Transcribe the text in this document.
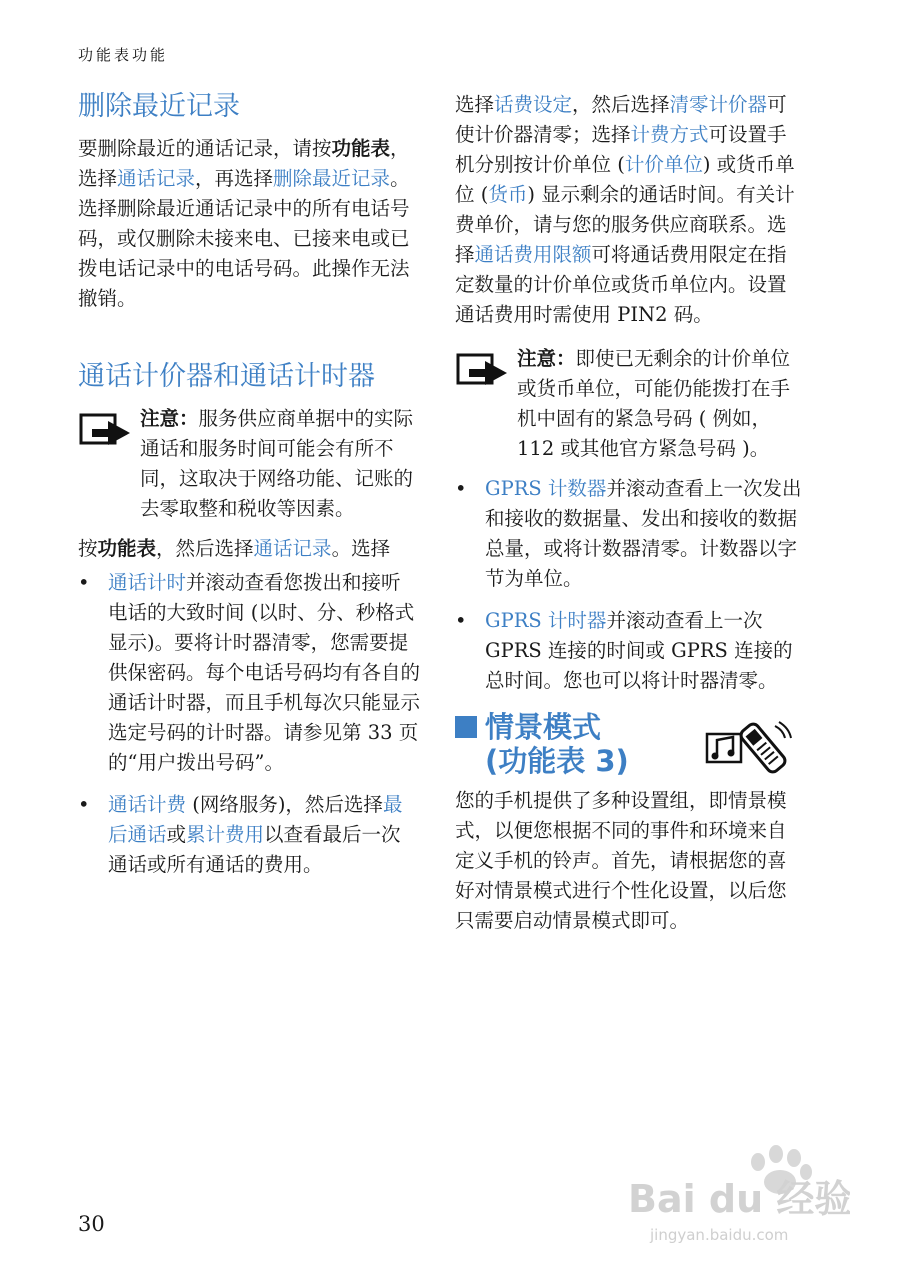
功能表功能
删除最近记录

要删除最近的通话记录，请按功能表，选择通话记录，再选择删除最近记录。选择删除最近通话记录中的所有电话号码，或仅删除未接来电、已接来电或已拨电话记录中的电话号码。此操作无法撤销。

通话计价器和通话计时器

注意：服务供应商单据中的实际通话和服务时间可能会有所不同，这取决于网络功能、记账的去零取整和税收等因素。

按功能表，然后选择通话记录。选择

• 通话计时并滚动查看您拨出和接听电话的大致时间 (以时、分、秒格式显示)。要将计时器清零，您需要提供保密码。每个电话号码均有各自的通话计时器，而且手机每次只能显示选定号码的计时器。请参见第 33 页的“用户拨出号码”。
• 通话计费 (网络服务)，然后选择最后通话或累计费用以查看最后一次通话或所有通话的费用。

选择话费设定，然后选择清零计价器可使计价器清零；选择计费方式可设置手机分别按计价单位 (计价单位) 或货币单位 (货币) 显示剩余的通话时间。有关计费单价，请与您的服务供应商联系。选择通话费用限额可将通话费用限定在指定数量的计价单位或货币单位内。设置通话费用时需使用 PIN2 码。

注意：即使已无剩余的计价单位或货币单位，可能仍能拨打在手机中固有的紧急号码 ( 例如，112 或其他官方紧急号码 )。

• GPRS 计数器并滚动查看上一次发出和接收的数据量、发出和接收的数据总量，或将计数器清零。计数器以字节为单位。
• GPRS 计时器并滚动查看上一次 GPRS 连接的时间或 GPRS 连接的总时间。您也可以将计时器清零。
情景模式
(功能表 3)

您的手机提供了多种设置组，即情景模式，以便您根据不同的事件和环境来自定义手机的铃声。首先，请根据您的喜好对情景模式进行个性化设置，以后您只需要启动情景模式即可。

30
Bai du 经验
jingyan.baidu.com
